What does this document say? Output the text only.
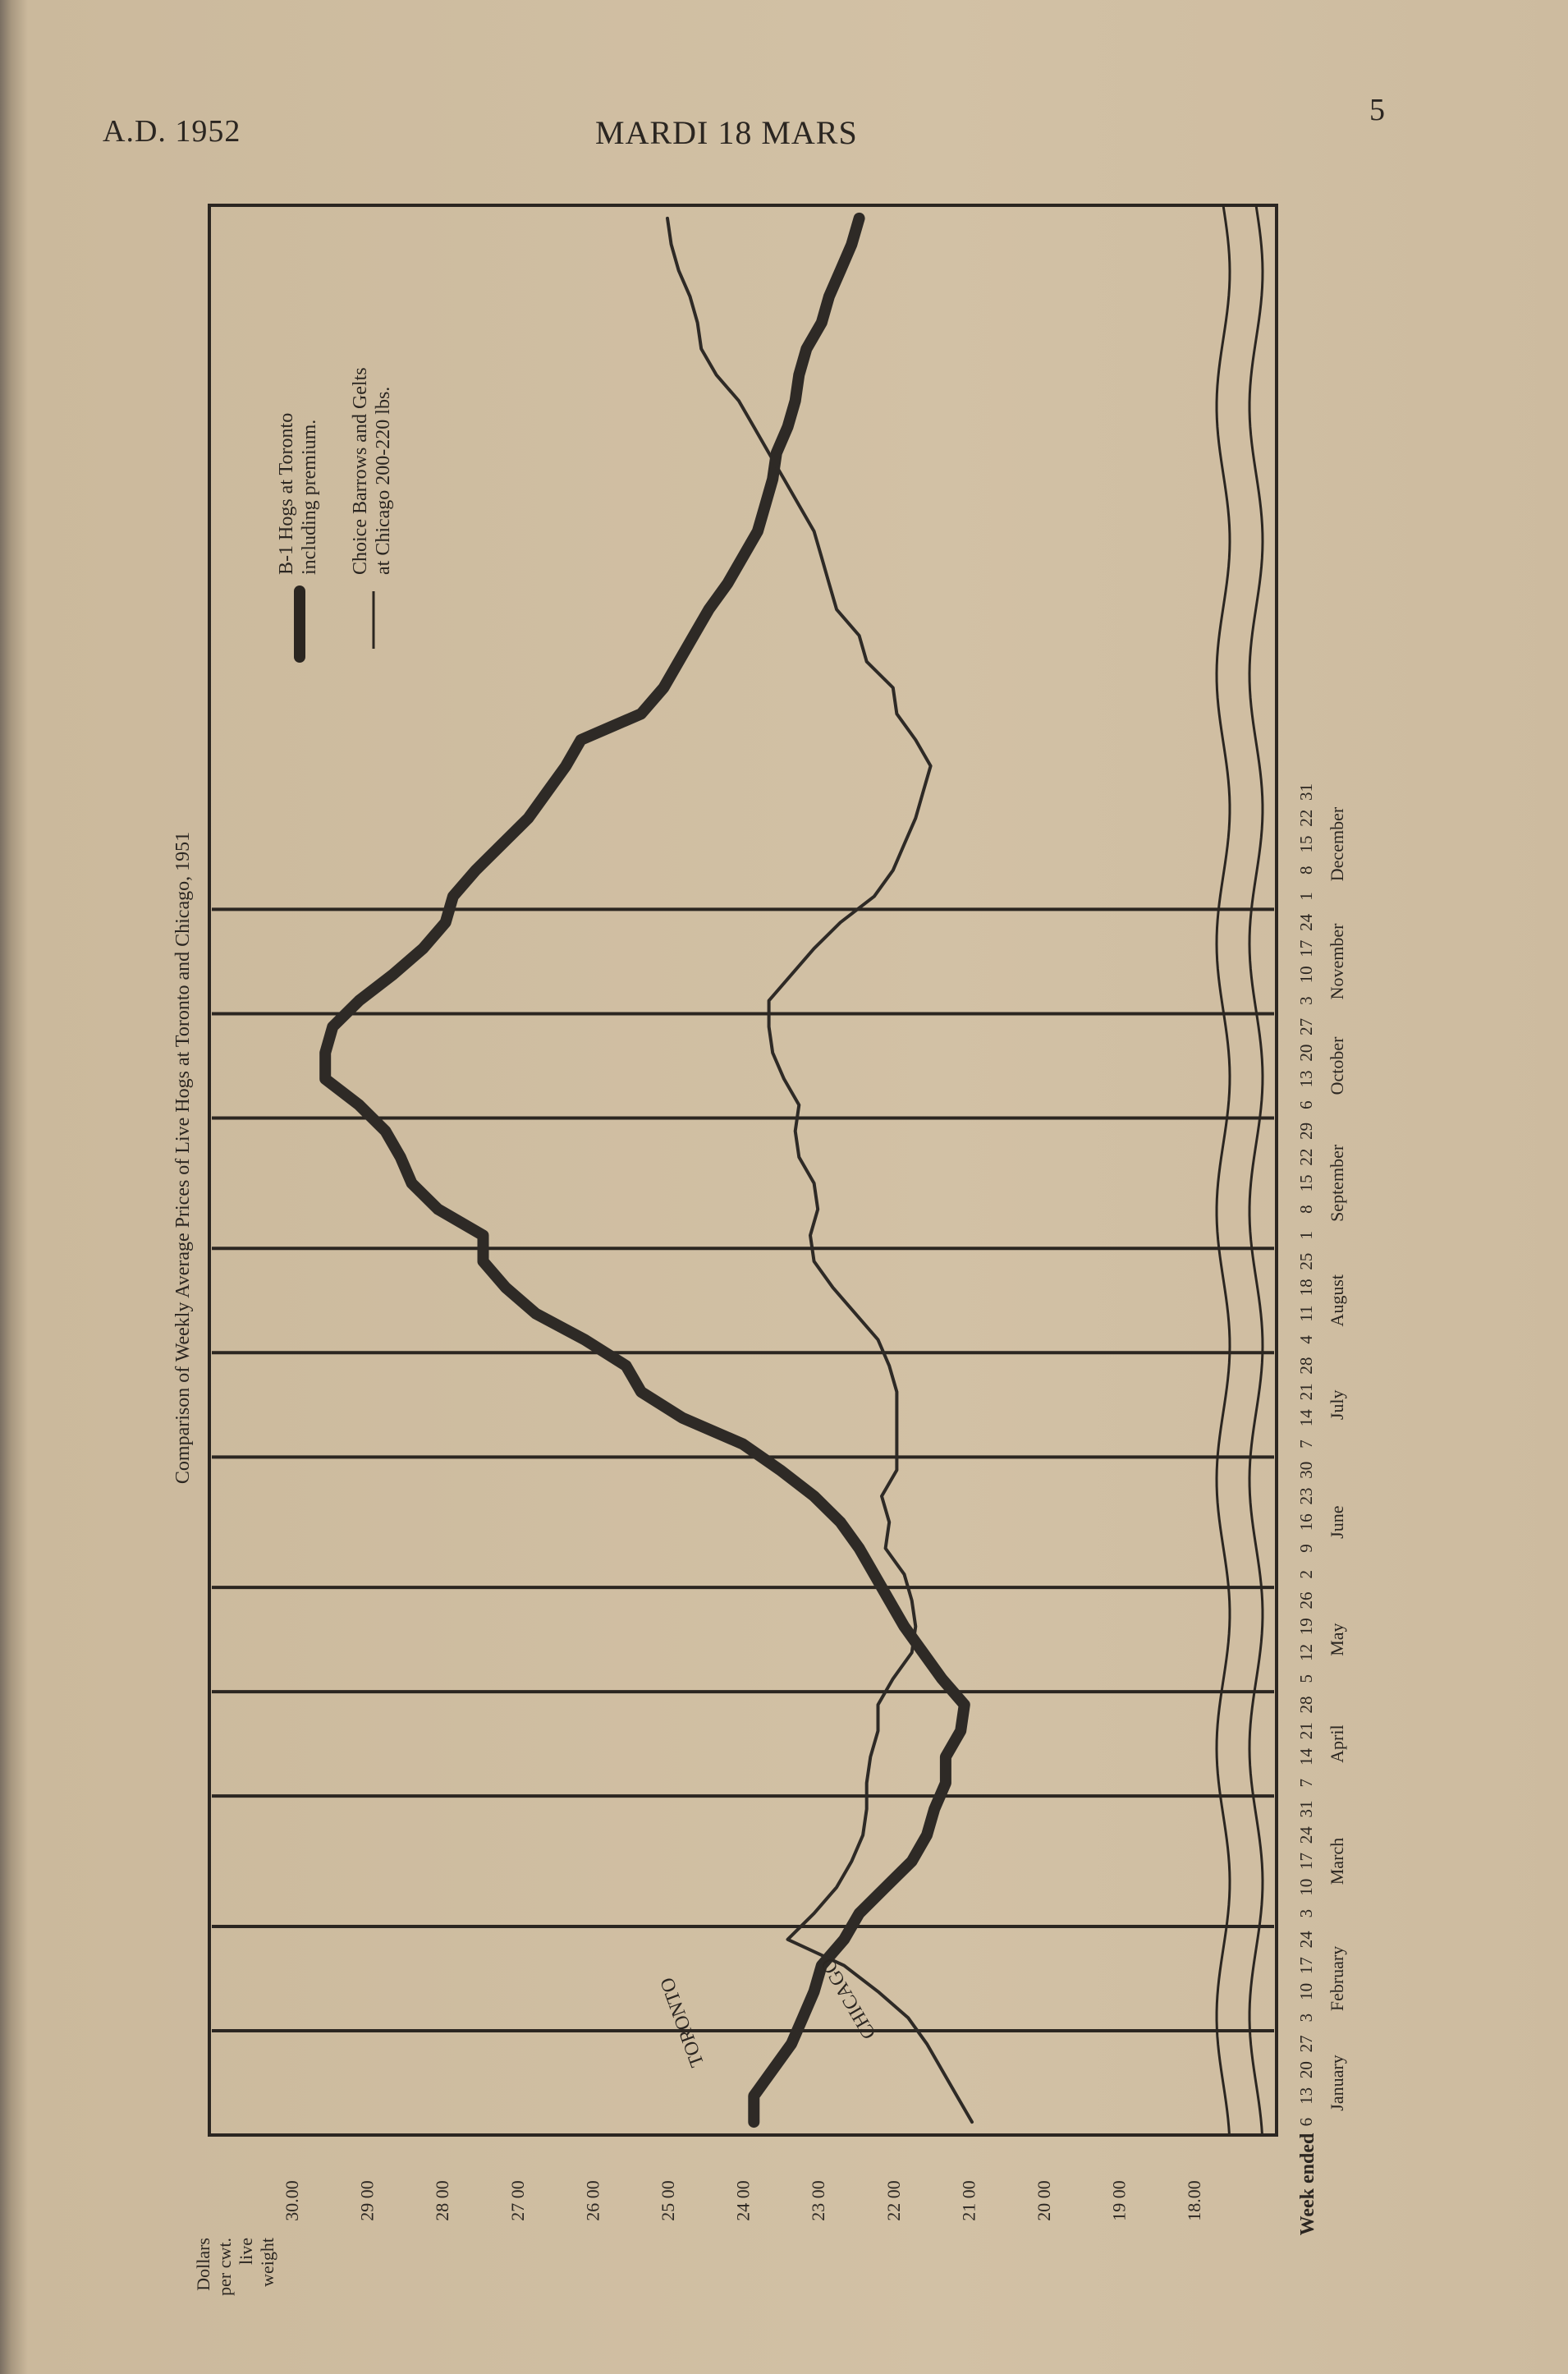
A.D. 1952	MARDI 18 MARS
5
6
13
20
27
January
3
10
17
24
February
3
10
17
24
31
March
7
14
21
28
April
5
12
19
26
May
2
9
16
23
30
June
7
14
21
28
July
4
11
18
25
August
1
8
15
22
29
September
6
13
20
27
October
3
10
17
24
November
1
8
15
22
31
December
30.00	29 00	28 00	27 00	26 00	25 00	24 00	23 00	22 00	21 00	20 00	19 00	18.00
Dollars per cwt. live weight
Week ended
Comparison of Weekly Average Prices of Live Hogs at Toronto and Chicago, 1951
TORONTO	CHICAGO
B-1 Hogs at Toronto including premium. Choice Barrows and Gelts at Chicago 200-220 lbs.
